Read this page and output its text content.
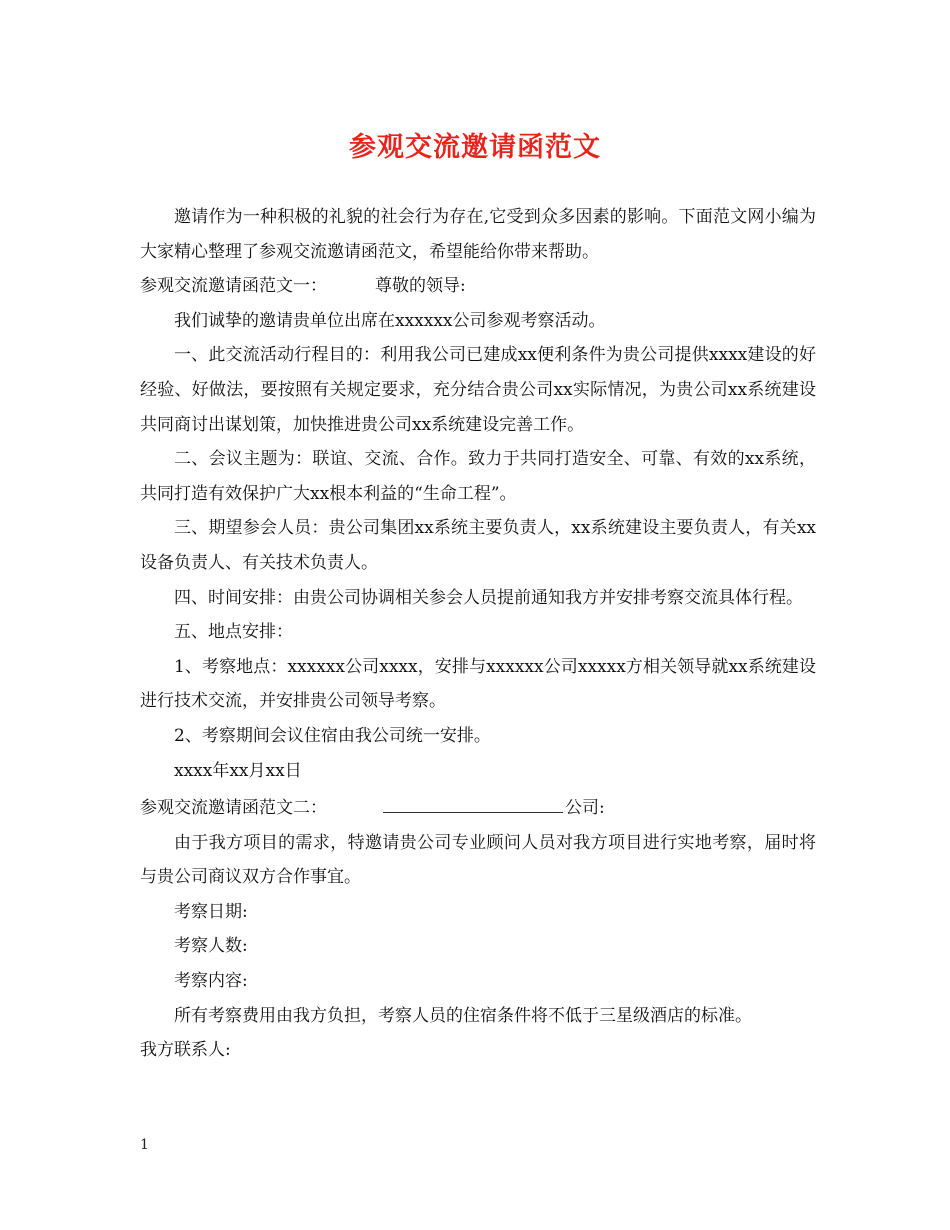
参观交流邀请函范文

邀请作为一种积极的礼貌的社会行为存在,它受到众多因素的影响。下面范文网小编为大家精心整理了参观交流邀请函范文，希望能给你带来帮助。

参观交流邀请函范文一：	尊敬的领导:

我们诚挚的邀请贵单位出席在xxxxxx公司参观考察活动。

一、此交流活动行程目的：利用我公司已建成xx便利条件为贵公司提供xxxx建设的好经验、好做法，要按照有关规定要求，充分结合贵公司xx实际情况，为贵公司xx系统建设共同商讨出谋划策，加快推进贵公司xx系统建设完善工作。

二、会议主题为：联谊、交流、合作。致力于共同打造安全、可靠、有效的xx系统，共同打造有效保护广大xx根本利益的“生命工程”。

三、期望参会人员：贵公司集团xx系统主要负责人，xx系统建设主要负责人，有关xx设备负责人、有关技术负责人。

四、时间安排：由贵公司协调相关参会人员提前通知我方并安排考察交流具体行程。

五、地点安排：

1、考察地点：xxxxxx公司xxxx，安排与xxxxxx公司xxxxx方相关领导就xx系统建设进行技术交流，并安排贵公司领导考察。

2、考察期间会议住宿由我公司统一安排。

xxxx年xx月xx日

参观交流邀请函范文二：	公司:

由于我方项目的需求，特邀请贵公司专业顾问人员对我方项目进行实地考察，届时将与贵公司商议双方合作事宜。

考察日期:

考察人数:

考察内容:

所有考察费用由我方负担，考察人员的住宿条件将不低于三星级酒店的标准。

我方联系人:

1
